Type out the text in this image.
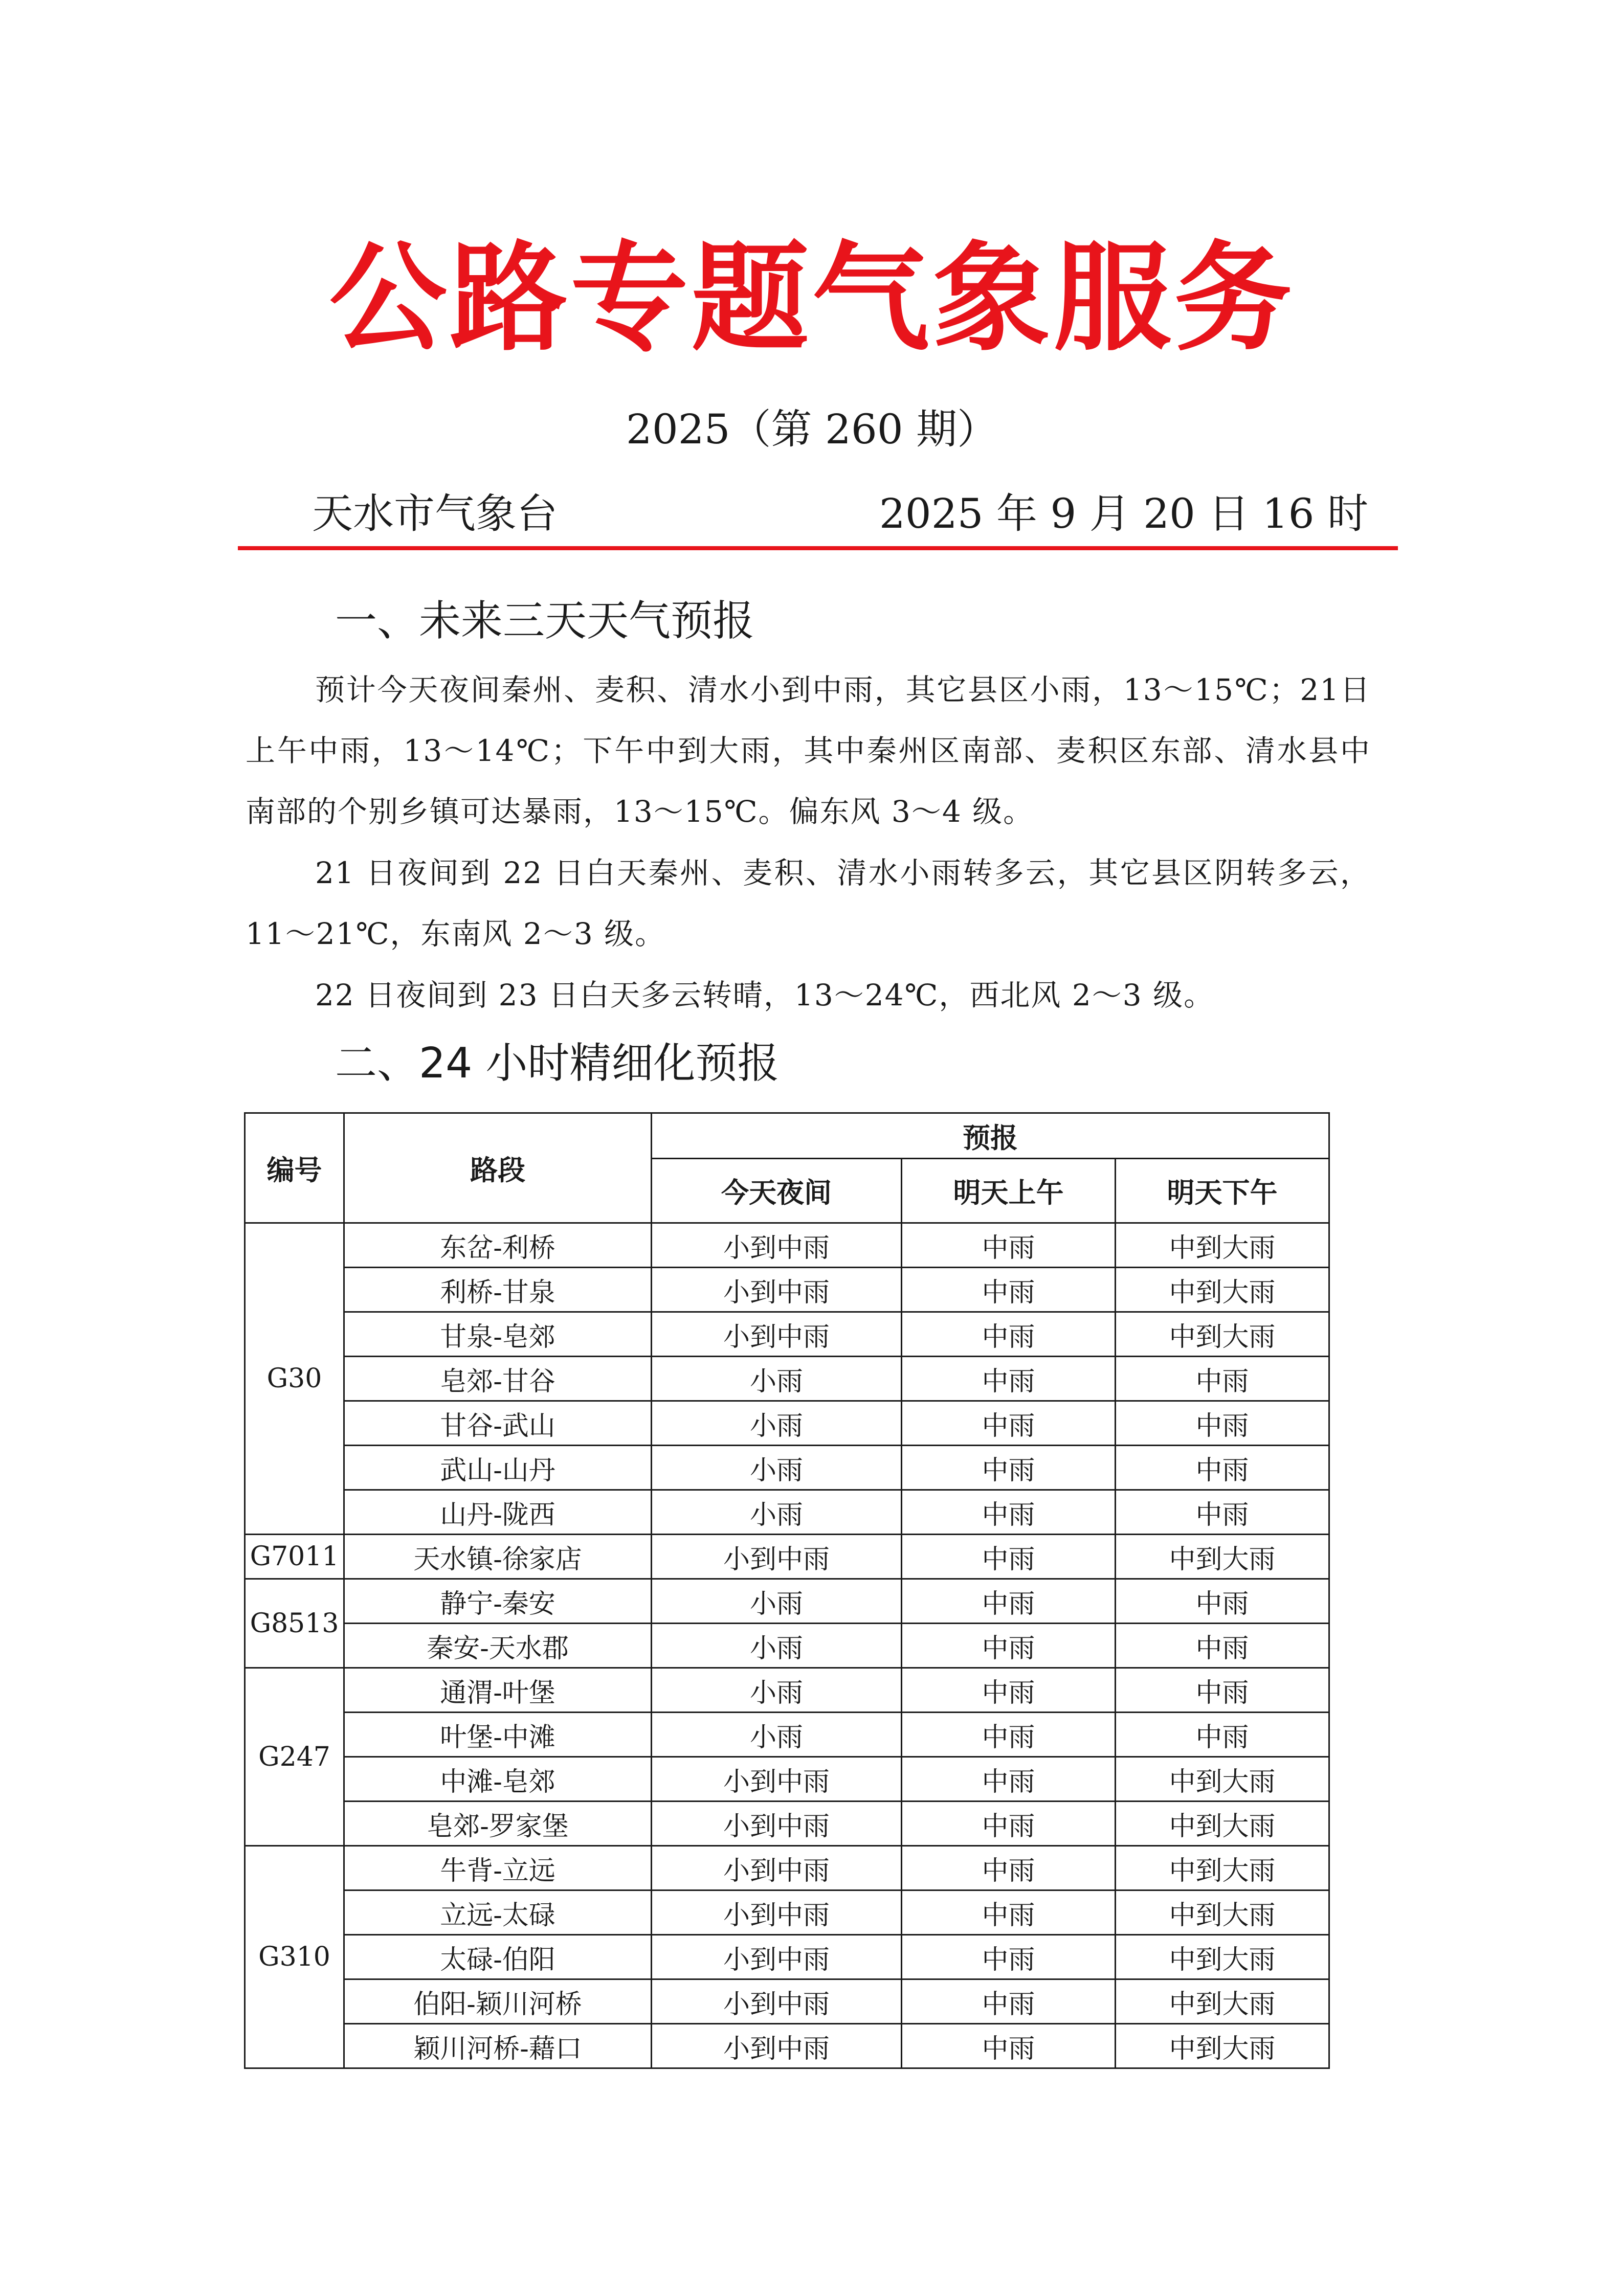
公路专题气象服务
2025（第 260 期）
天水市气象台	2025 年 9 月 20 日 16 时
一、未来三天天气预报
预计今天夜间秦州、麦积、清水小到中雨，其它县区小雨，13～15℃；21日上午中雨，13～14℃；下午中到大雨，其中秦州区南部、麦积区东部、清水县中南部的个别乡镇可达暴雨，13～15℃。偏东风 3～4 级。
21 日夜间到 22 日白天秦州、麦积、清水小雨转多云，其它县区阴转多云，11～21℃，东南风 2～3 级。
22 日夜间到 23 日白天多云转晴，13～24℃，西北风 2～3 级。
二、24 小时精细化预报
编号	路段	预报		
		今天夜间	明天上午	明天下午
G30	东岔-利桥	小到中雨	中雨	中到大雨
	利桥-甘泉	小到中雨	中雨	中到大雨
	甘泉-皂郊	小到中雨	中雨	中到大雨
	皂郊-甘谷	小雨	中雨	中雨
	甘谷-武山	小雨	中雨	中雨
	武山-山丹	小雨	中雨	中雨
	山丹-陇西	小雨	中雨	中雨
G7011	天水镇-徐家店	小到中雨	中雨	中到大雨
G8513	静宁-秦安	小雨	中雨	中雨
	秦安-天水郡	小雨	中雨	中雨
G247	通渭-叶堡	小雨	中雨	中雨
	叶堡-中滩	小雨	中雨	中雨
	中滩-皂郊	小到中雨	中雨	中到大雨
	皂郊-罗家堡	小到中雨	中雨	中到大雨
G310	牛背-立远	小到中雨	中雨	中到大雨
	立远-太碌	小到中雨	中雨	中到大雨
	太碌-伯阳	小到中雨	中雨	中到大雨
	伯阳-颖川河桥	小到中雨	中雨	中到大雨
	颖川河桥-藉口	小到中雨	中雨	中到大雨
